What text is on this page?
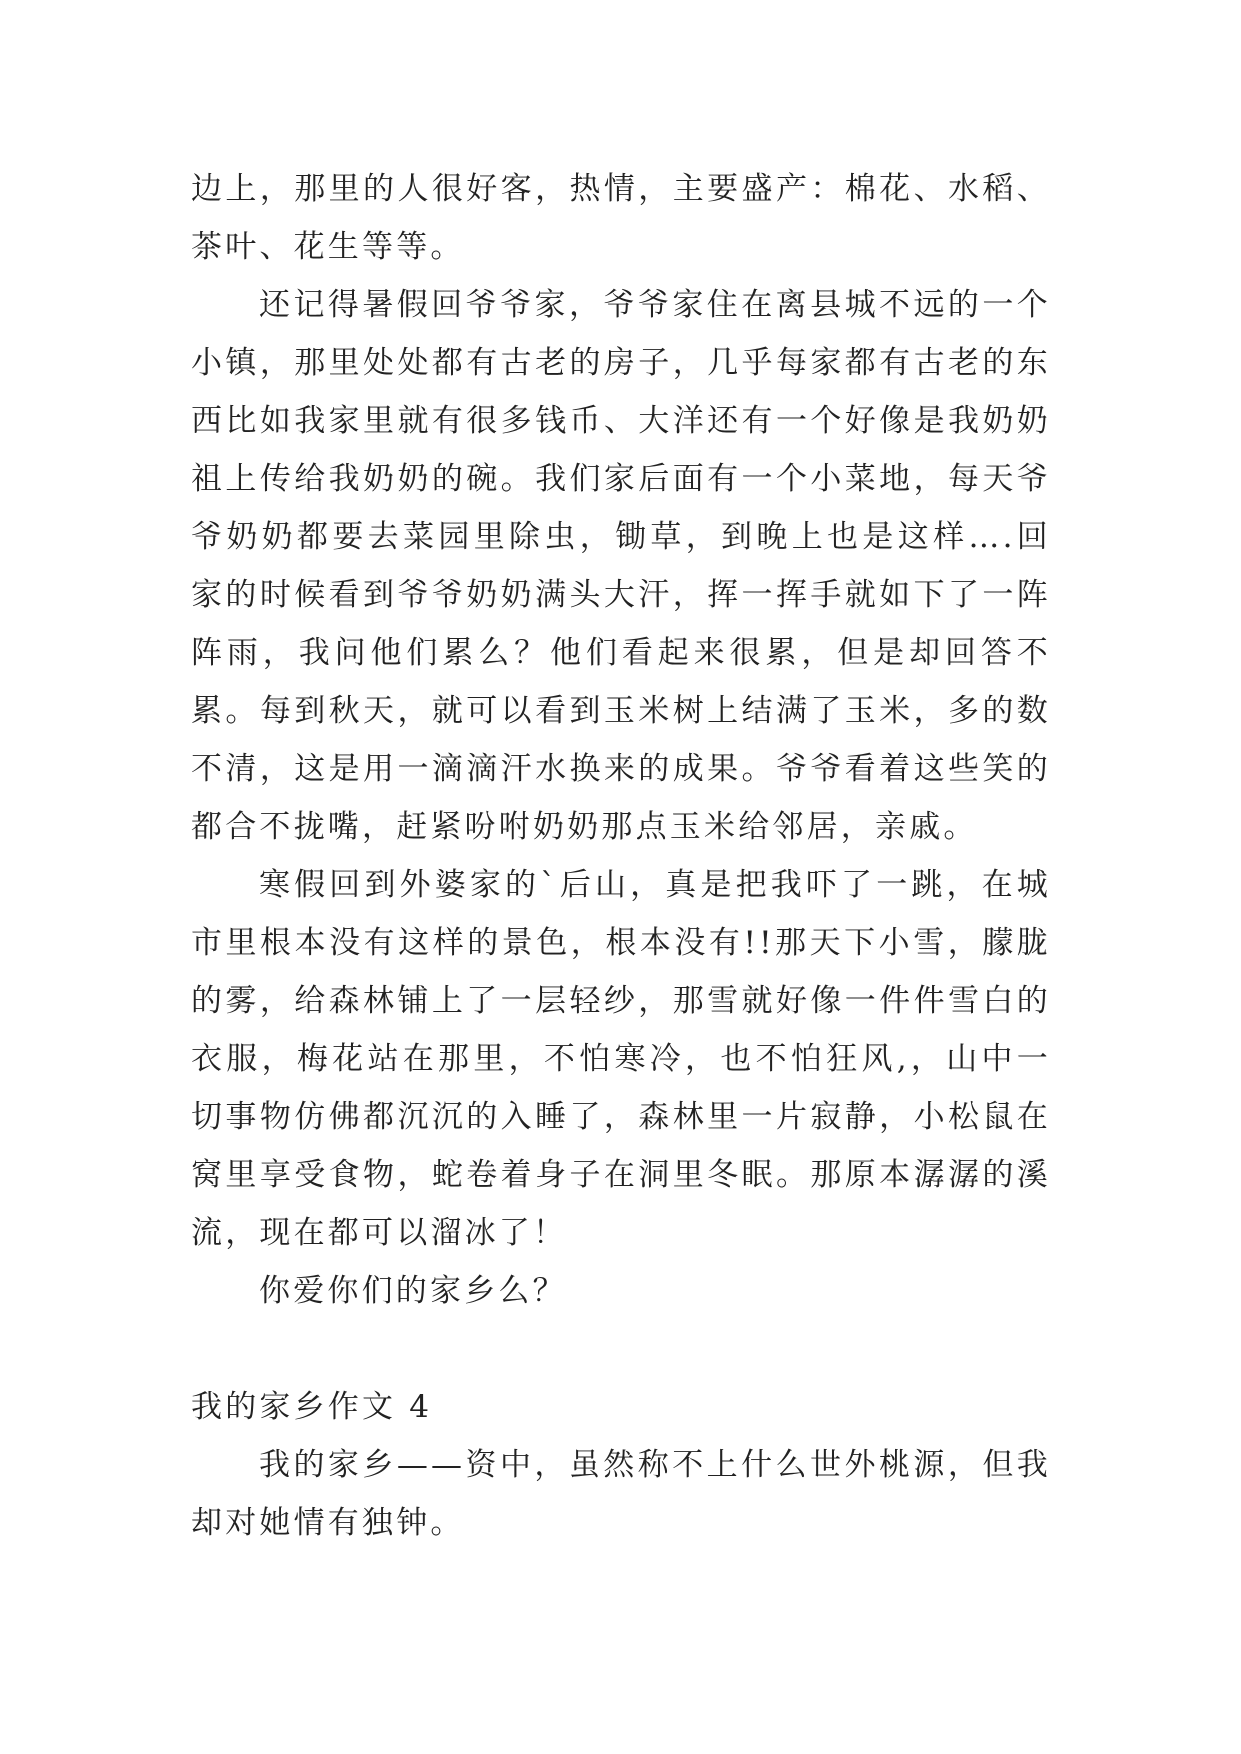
边上，那里的人很好客，热情，主要盛产：棉花、水稻、茶叶、花生等等。

还记得暑假回爷爷家，爷爷家住在离县城不远的一个小镇，那里处处都有古老的房子，几乎每家都有古老的东西比如我家里就有很多钱币、大洋还有一个好像是我奶奶祖上传给我奶奶的碗。我们家后面有一个小菜地，每天爷爷奶奶都要去菜园里除虫，锄草，到晚上也是这样….回家的时候看到爷爷奶奶满头大汗，挥一挥手就如下了一阵阵雨，我问他们累么？他们看起来很累，但是却回答不累。每到秋天，就可以看到玉米树上结满了玉米，多的数不清，这是用一滴滴汗水换来的成果。爷爷看着这些笑的都合不拢嘴，赶紧吩咐奶奶那点玉米给邻居，亲戚。

寒假回到外婆家的`后山，真是把我吓了一跳，在城市里根本没有这样的景色，根本没有!!那天下小雪，朦胧的雾，给森林铺上了一层轻纱，那雪就好像一件件雪白的衣服，梅花站在那里，不怕寒冷，也不怕狂风,，山中一切事物仿佛都沉沉的入睡了，森林里一片寂静，小松鼠在窝里享受食物，蛇卷着身子在洞里冬眠。那原本潺潺的溪流，现在都可以溜冰了！

你爱你们的家乡么？

我的家乡作文 4

我的家乡——资中，虽然称不上什么世外桃源，但我却对她情有独钟。
